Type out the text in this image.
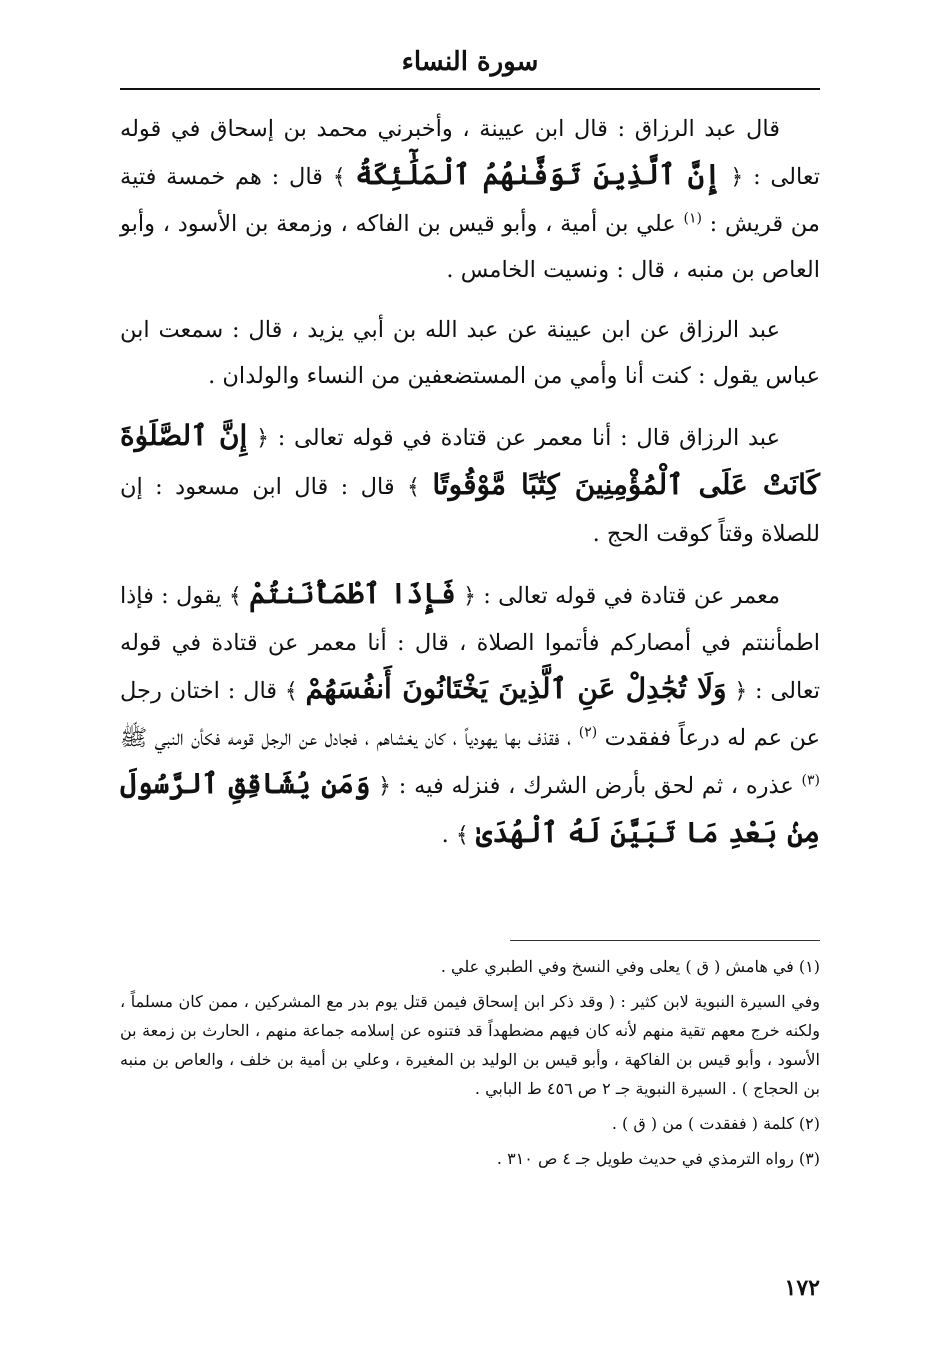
سورة النساء

قال عبد الرزاق : قال ابن عيينة ، وأخبرني محمد بن إسحاق في قوله تعالى : ﴿ إِنَّ ٱلَّذِينَ تَوَفَّىٰهُمُ ٱلْمَلَٰٓئِكَةُ ﴾ قال : هم خمسة فتية من قريش : $^{(١)}$ علي بن أمية ، وأبو قيس بن الفاكه ، وزمعة بن الأسود ، وأبو العاص بن منبه ، قال : ونسيت الخامس .

عبد الرزاق عن ابن عيينة عن عبد الله بن أبي يزيد ، قال : سمعت ابن عباس يقول : كنت أنا وأمي من المستضعفين من النساء والولدان .

عبد الرزاق قال : أنا معمر عن قتادة في قوله تعالى : ﴿ إِنَّ ٱلصَّلَوٰةَ كَانَتْ عَلَى ٱلْمُؤْمِنِينَ كِتَٰبًا مَّوْقُوتًا ﴾ قال : قال ابن مسعود : إن للصلاة وقتاً كوقت الحج .

معمر عن قتادة في قوله تعالى : ﴿ فَإِذَا ٱطْمَأْنَنتُمْ ﴾ يقول : فإذا اطمأننتم في أمصاركم فأتموا الصلاة ، قال : أنا معمر عن قتادة في قوله تعالى : ﴿ وَلَا تُجَٰدِلْ عَنِ ٱلَّذِينَ يَخْتَانُونَ أَنفُسَهُمْ ﴾ قال : اختان رجل عن عم له درعاً ففقدت $^{(٢)}$ ، فقذف بها يهودياً ، كان يغشاهم ، فجادل عن الرجل قومه فكأن النبي ﷺ $^{(٣)}$ عذره ، ثم لحق بأرض الشرك ، فنزله فيه : ﴿ وَمَن يُشَاقِقِ ٱلرَّسُولَ مِنۢ بَعْدِ مَا تَبَيَّنَ لَهُ ٱلْهُدَىٰ ﴾ .

(١) في هامش ( ق ) يعلى وفي النسخ وفي الطبري علي .

وفي السيرة النبوية لابن كثير : ( وقد ذكر ابن إسحاق فيمن قتل يوم بدر مع المشركين ، ممن كان مسلماً ، ولكنه خرج معهم تقية منهم لأنه كان فيهم مضطهداً قد فتنوه عن إسلامه جماعة منهم ، الحارث بن زمعة بن الأسود ، وأبو قيس بن الفاكهة ، وأبو قيس بن الوليد بن المغيرة ، وعلي بن أمية بن خلف ، والعاص بن منبه بن الحجاج ) . السيرة النبوية جـ ٢ ص ٤٥٦ ط البابي .

(٢) كلمة ( ففقدت ) من ( ق ) .

(٣) رواه الترمذي في حديث طويل جـ ٤ ص ٣١٠ .

١٧٢
